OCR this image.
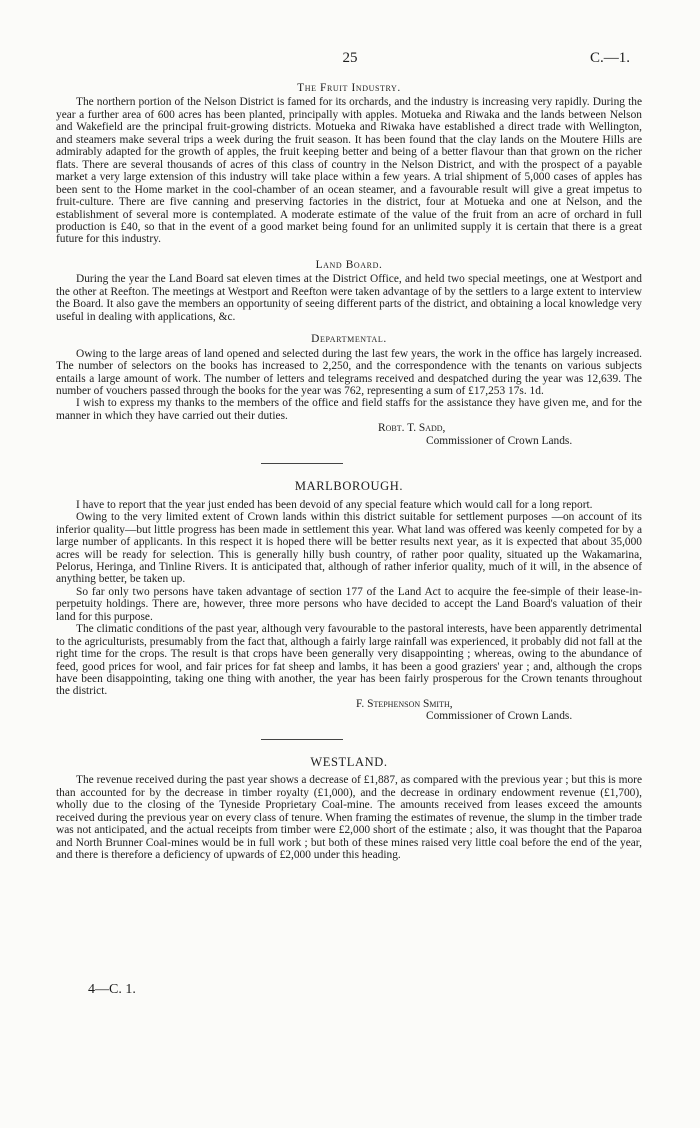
25	C.—1.
The Fruit Industry.

The northern portion of the Nelson District is famed for its orchards, and the industry is increasing very rapidly. During the year a further area of 600 acres has been planted, principally with apples. Motueka and Riwaka and the lands between Nelson and Wakefield are the principal fruit-growing districts. Motueka and Riwaka have established a direct trade with Wellington, and steamers make several trips a week during the fruit season. It has been found that the clay lands on the Moutere Hills are admirably adapted for the growth of apples, the fruit keeping better and being of a better flavour than that grown on the richer flats. There are several thousands of acres of this class of country in the Nelson District, and with the prospect of a payable market a very large extension of this industry will take place within a few years. A trial shipment of 5,000 cases of apples has been sent to the Home market in the cool-chamber of an ocean steamer, and a favourable result will give a great impetus to fruit-culture. There are five canning and preserving factories in the district, four at Motueka and one at Nelson, and the establishment of several more is contemplated. A moderate estimate of the value of the fruit from an acre of orchard in full production is £40, so that in the event of a good market being found for an unlimited supply it is certain that there is a great future for this industry.

Land Board.

During the year the Land Board sat eleven times at the District Office, and held two special meetings, one at Westport and the other at Reefton. The meetings at Westport and Reefton were taken advantage of by the settlers to a large extent to interview the Board. It also gave the members an opportunity of seeing different parts of the district, and obtaining a local knowledge very useful in dealing with applications, &c.

Departmental.

Owing to the large areas of land opened and selected during the last few years, the work in the office has largely increased. The number of selectors on the books has increased to 2,250, and the correspondence with the tenants on various subjects entails a large amount of work. The number of letters and telegrams received and despatched during the year was 12,639. The number of vouchers passed through the books for the year was 762, representing a sum of £17,253 17s. 1d.

I wish to express my thanks to the members of the office and field staffs for the assistance they have given me, and for the manner in which they have carried out their duties.

Robt. T. Sadd,
Commissioner of Crown Lands.
MARLBOROUGH.

I have to report that the year just ended has been devoid of any special feature which would call for a long report.

Owing to the very limited extent of Crown lands within this district suitable for settlement purposes —on account of its inferior quality—but little progress has been made in settlement this year. What land was offered was keenly competed for by a large number of applicants. In this respect it is hoped there will be better results next year, as it is expected that about 35,000 acres will be ready for selection. This is generally hilly bush country, of rather poor quality, situated up the Wakamarina, Pelorus, Heringa, and Tinline Rivers. It is anticipated that, although of rather inferior quality, much of it will, in the absence of anything better, be taken up.

So far only two persons have taken advantage of section 177 of the Land Act to acquire the fee-simple of their lease-in-perpetuity holdings. There are, however, three more persons who have decided to accept the Land Board's valuation of their land for this purpose.

The climatic conditions of the past year, although very favourable to the pastoral interests, have been apparently detrimental to the agriculturists, presumably from the fact that, although a fairly large rainfall was experienced, it probably did not fall at the right time for the crops. The result is that crops have been generally very disappointing ; whereas, owing to the abundance of feed, good prices for wool, and fair prices for fat sheep and lambs, it has been a good graziers' year ; and, although the crops have been disappointing, taking one thing with another, the year has been fairly prosperous for the Crown tenants throughout the district.

F. Stephenson Smith,
Commissioner of Crown Lands.
WESTLAND.

The revenue received during the past year shows a decrease of £1,887, as compared with the previous year ; but this is more than accounted for by the decrease in timber royalty (£1,000), and the decrease in ordinary endowment revenue (£1,700), wholly due to the closing of the Tyneside Proprietary Coal-mine. The amounts received from leases exceed the amounts received during the previous year on every class of tenure. When framing the estimates of revenue, the slump in the timber trade was not anticipated, and the actual receipts from timber were £2,000 short of the estimate ; also, it was thought that the Paparoa and North Brunner Coal-mines would be in full work ; but both of these mines raised very little coal before the end of the year, and there is therefore a deficiency of upwards of £2,000 under this heading.

4—C. 1.
